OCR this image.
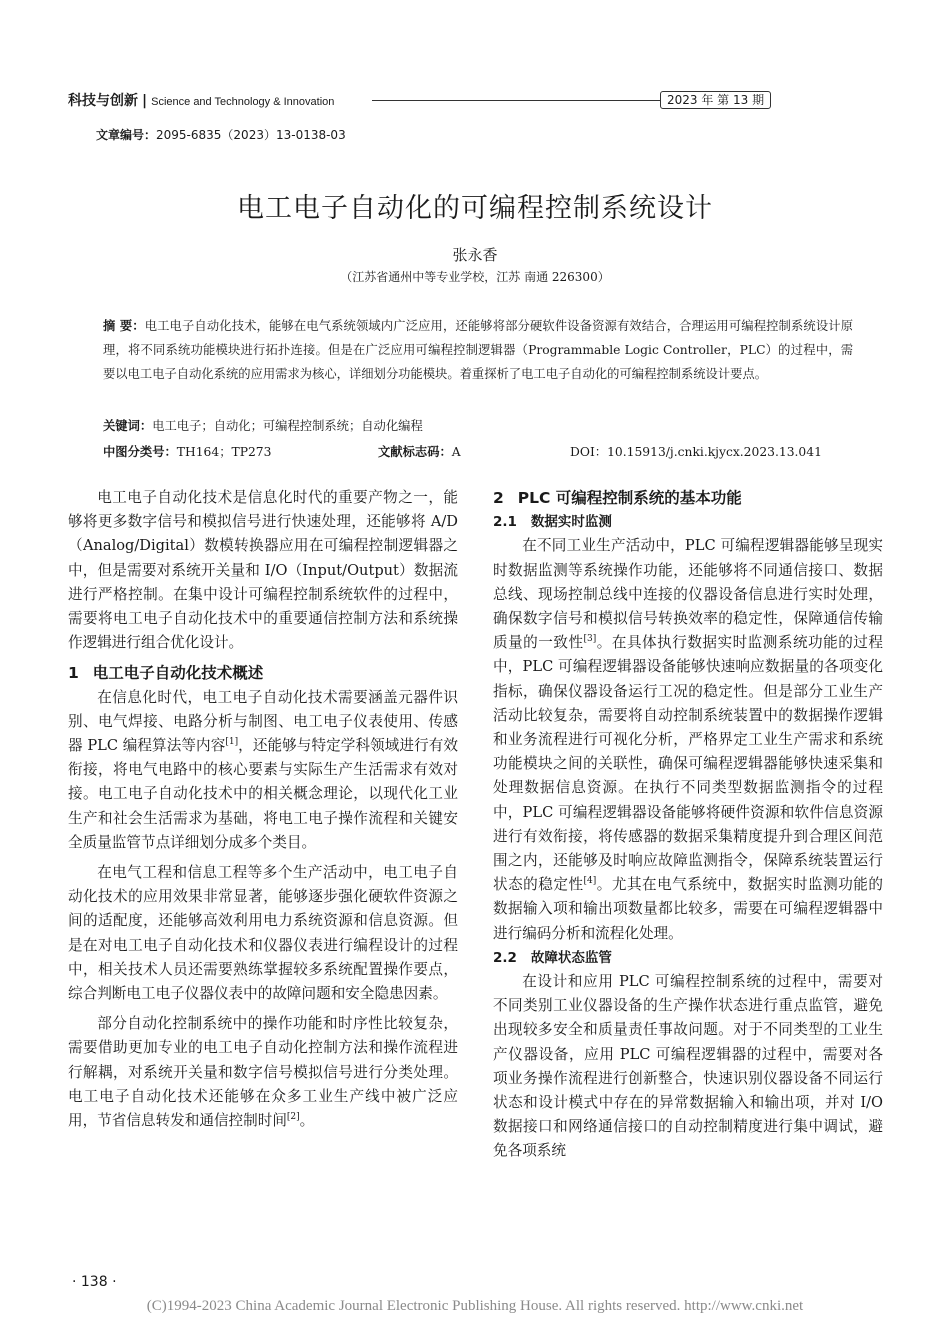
科技与创新 | Science and Technology & Innovation	2023 年 第 13 期
文章编号：2095-6835（2023）13-0138-03
电工电子自动化的可编程控制系统设计
张永香
（江苏省通州中等专业学校，江苏 南通 226300）
摘 要：电工电子自动化技术，能够在电气系统领域内广泛应用，还能够将部分硬软件设备资源有效结合，合理运用可编程控制系统设计原理，将不同系统功能模块进行拓扑连接。但是在广泛应用可编程控制逻辑器（Programmable Logic Controller，PLC）的过程中，需要以电工电子自动化系统的应用需求为核心，详细划分功能模块。着重探析了电工电子自动化的可编程控制系统设计要点。
关键词：电工电子；自动化；可编程控制系统；自动化编程
中图分类号：TH164；TP273	文献标志码：A	DOI：10.15913/j.cnki.kjycx.2023.13.041

电工电子自动化技术是信息化时代的重要产物之一，能够将更多数字信号和模拟信号进行快速处理，还能够将 A/D（Analog/Digital）数模转换器应用在可编程控制逻辑器之中，但是需要对系统开关量和 I/O（Input/Output）数据流进行严格控制。在集中设计可编程控制系统软件的过程中，需要将电工电子自动化技术中的重要通信控制方法和系统操作逻辑进行组合优化设计。

1 电工电子自动化技术概述

在信息化时代，电工电子自动化技术需要涵盖元器件识别、电气焊接、电路分析与制图、电工电子仪表使用、传感器 PLC 编程算法等内容[1]，还能够与特定学科领域进行有效衔接，将电气电路中的核心要素与实际生产生活需求有效对接。电工电子自动化技术中的相关概念理论，以现代化工业生产和社会生活需求为基础，将电工电子操作流程和关键安全质量监管节点详细划分成多个类目。

在电气工程和信息工程等多个生产活动中，电工电子自动化技术的应用效果非常显著，能够逐步强化硬软件资源之间的适配度，还能够高效利用电力系统资源和信息资源。但是在对电工电子自动化技术和仪器仪表进行编程设计的过程中，相关技术人员还需要熟练掌握较多系统配置操作要点，综合判断电工电子仪器仪表中的故障问题和安全隐患因素。

部分自动化控制系统中的操作功能和时序性比较复杂，需要借助更加专业的电工电子自动化控制方法和操作流程进行解耦，对系统开关量和数字信号模拟信号进行分类处理。电工电子自动化技术还能够在众多工业生产线中被广泛应用，节省信息转发和通信控制时间[2]。

2 PLC 可编程控制系统的基本功能
2.1 数据实时监测

在不同工业生产活动中，PLC 可编程逻辑器能够呈现实时数据监测等系统操作功能，还能够将不同通信接口、数据总线、现场控制总线中连接的仪器设备信息进行实时处理，确保数字信号和模拟信号转换效率的稳定性，保障通信传输质量的一致性[3]。在具体执行数据实时监测系统功能的过程中，PLC 可编程逻辑器设备能够快速响应数据量的各项变化指标，确保仪器设备运行工况的稳定性。但是部分工业生产活动比较复杂，需要将自动控制系统装置中的数据操作逻辑和业务流程进行可视化分析，严格界定工业生产需求和系统功能模块之间的关联性，确保可编程逻辑器能够快速采集和处理数据信息资源。在执行不同类型数据监测指令的过程中，PLC 可编程逻辑器设备能够将硬件资源和软件信息资源进行有效衔接，将传感器的数据采集精度提升到合理区间范围之内，还能够及时响应故障监测指令，保障系统装置运行状态的稳定性[4]。尤其在电气系统中，数据实时监测功能的数据输入项和输出项数量都比较多，需要在可编程逻辑器中进行编码分析和流程化处理。

2.2 故障状态监管

在设计和应用 PLC 可编程控制系统的过程中，需要对不同类别工业仪器设备的生产操作状态进行重点监管，避免出现较多安全和质量责任事故问题。对于不同类型的工业生产仪器设备，应用 PLC 可编程逻辑器的过程中，需要对各项业务操作流程进行创新整合，快速识别仪器设备不同运行状态和设计模式中存在的异常数据输入和输出项，并对 I/O 数据接口和网络通信接口的自动控制精度进行集中调试，避免各项系统

· 138 ·
(C)1994-2023 China Academic Journal Electronic Publishing House. All rights reserved. http://www.cnki.net
